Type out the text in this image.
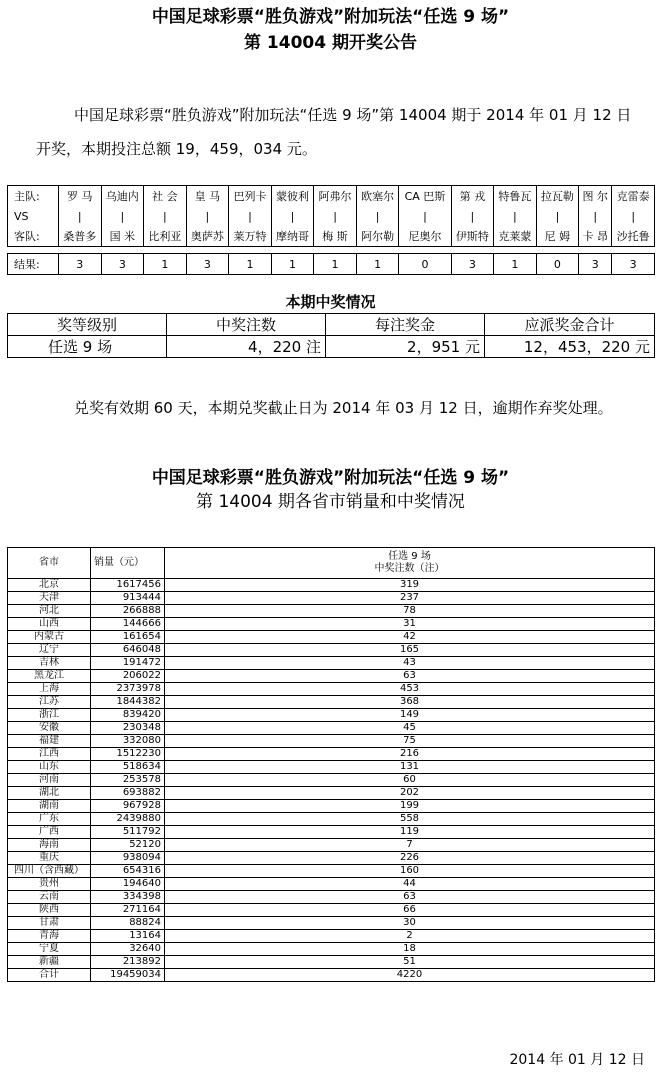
中国足球彩票“胜负游戏”附加玩法“任选 9 场”
第 14004 期开奖公告
中国足球彩票“胜负游戏”附加玩法“任选 9 场”第 14004 期于 2014 年 01 月 12 日开奖，本期投注总额 19，459，034 元。
主队:	罗 马	乌迪内	社 会	皇 马	巴列卡	蒙彼利	阿弗尔	欧塞尔	CA 巴斯	第 戎	特鲁瓦	拉瓦勒	图 尔	克雷泰
VS	|	|	|	|	|	|	|	|	|	|	|	|	|	|
客队:	桑普多	国 米	比利亚	奥萨苏	莱万特	摩纳哥	梅 斯	阿尔勒	尼奥尔	伊斯特	克莱蒙	尼 姆	卡 昂	沙托鲁

结果:	3	3	1	3	1	1	1	1	0	3	1	0	3	3
本期中奖情况
奖等级别	中奖注数	每注奖金	应派奖金合计
任选 9 场	4，220 注	2，951 元	12，453，220 元
兑奖有效期 60 天，本期兑奖截止日为 2014 年 03 月 12 日，逾期作弃奖处理。
中国足球彩票“胜负游戏”附加玩法“任选 9 场”
第 14004 期各省市销量和中奖情况
省市	销量（元）	任选 9 场
中奖注数（注）

北京	1617456	319
天津	913444	237
河北	266888	78
山西	144666	31
内蒙古	161654	42
辽宁	646048	165
吉林	191472	43
黑龙江	206022	63
上海	2373978	453
江苏	1844382	368
浙江	839420	149
安徽	230348	45
福建	332080	75
江西	1512230	216
山东	518634	131
河南	253578	60
湖北	693882	202
湖南	967928	199
广东	2439880	558
广西	511792	119
海南	52120	7
重庆	938094	226
四川（含西藏）	654316	160
贵州	194640	44
云南	334398	63
陕西	271164	66
甘肃	88824	30
青海	13164	2
宁夏	32640	18
新疆	213892	51
合计	19459034	4220
2014 年 01 月 12 日
